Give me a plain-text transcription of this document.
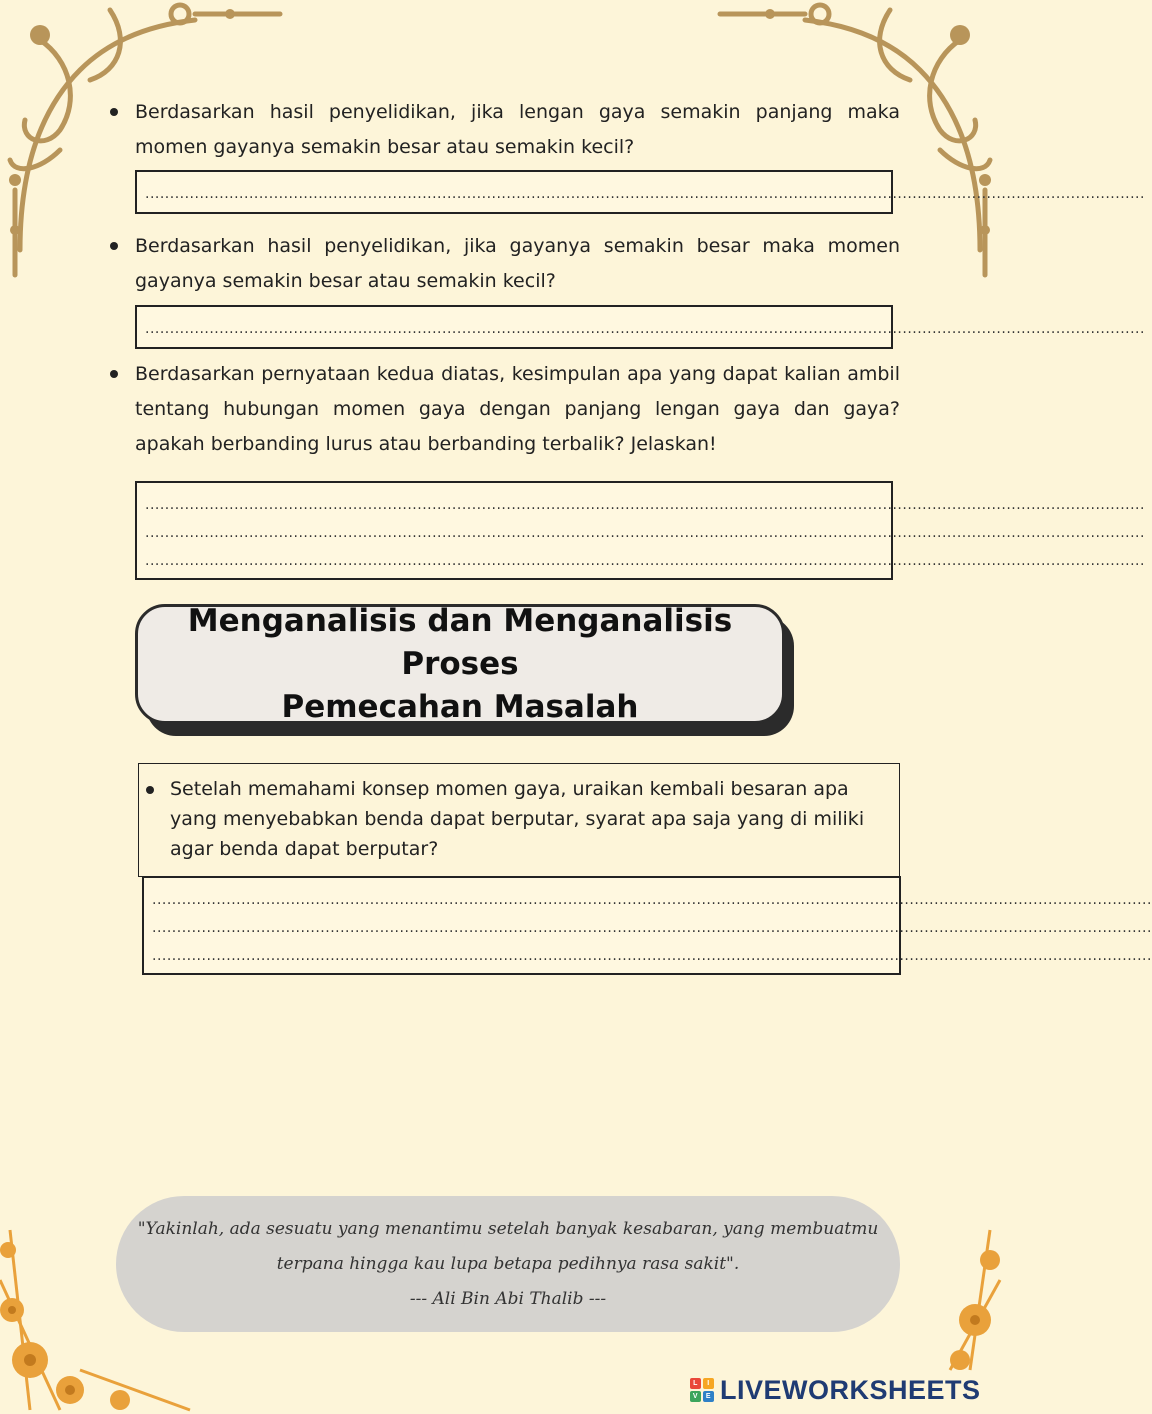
Berdasarkan hasil penyelidikan, jika lengan gaya semakin panjang maka momen gayanya semakin besar atau semakin kecil?
..........................................................................................................................................................................................................
Berdasarkan hasil penyelidikan, jika gayanya semakin besar maka momen gayanya semakin besar atau semakin kecil?
..........................................................................................................................................................................................................
Berdasarkan pernyataan kedua diatas, kesimpulan apa yang dapat kalian ambil tentang hubungan momen gaya dengan panjang lengan gaya dan gaya? apakah berbanding lurus atau berbanding terbalik? Jelaskan!
..........................................................................................................................................................................................................
..........................................................................................................................................................................................................
..........................................................................................................................................................................................................
Menganalisis dan Menganalisis Proses
Pemecahan Masalah
Setelah memahami konsep momen gaya, uraikan kembali besaran apa yang menyebabkan benda dapat berputar, syarat apa saja yang di miliki agar benda dapat berputar?
..........................................................................................................................................................................................................
..........................................................................................................................................................................................................
..........................................................................................................................................................................................................
"Yakinlah, ada sesuatu yang menantimu setelah banyak kesabaran, yang membuatmu
terpana hingga kau lupa betapa pedihnya rasa sakit".
--- Ali Bin Abi Thalib ---
L	I
V	E LIVEWORKSHEETS
